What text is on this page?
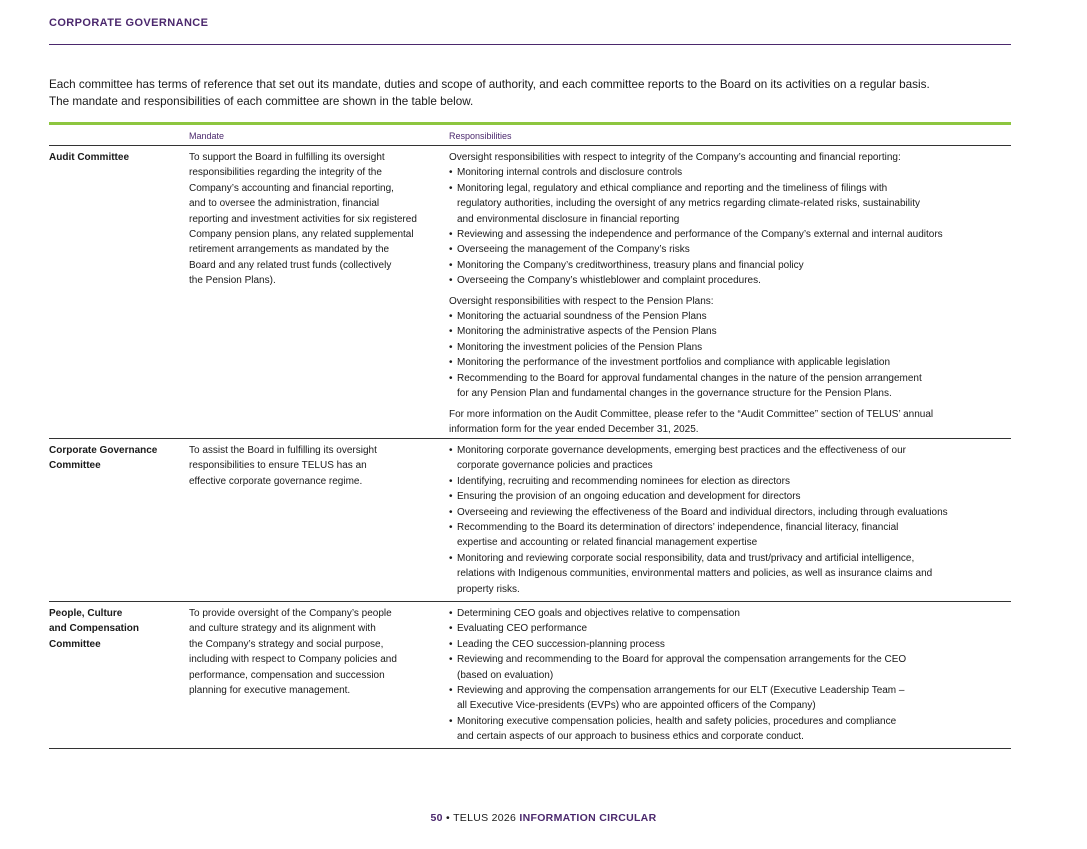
CORPORATE GOVERNANCE

Each committee has terms of reference that set out its mandate, duties and scope of authority, and each committee reports to the Board on its activities on a regular basis.

The mandate and responsibilities of each committee are shown in the table below.

Mandate	Responsibilities
Audit Committee	To support the Board in fulfilling its oversight
responsibilities regarding the integrity of the
Company’s accounting and financial reporting,
and to oversee the administration, financial
reporting and investment activities for six registered
Company pension plans, any related supplemental
retirement arrangements as mandated by the
Board and any related trust funds (collectively
the Pension Plans).
Oversight responsibilities with respect to integrity of the Company’s accounting and financial reporting:
• Monitoring internal controls and disclosure controls
• Monitoring legal, regulatory and ethical compliance and reporting and the timeliness of filings with
regulatory authorities, including the oversight of any metrics regarding climate-related risks, sustainability
and environmental disclosure in financial reporting
• Reviewing and assessing the independence and performance of the Company’s external and internal auditors
• Overseeing the management of the Company’s risks
• Monitoring the Company’s creditworthiness, treasury plans and financial policy
• Overseeing the Company’s whistleblower and complaint procedures.
Oversight responsibilities with respect to the Pension Plans:
• Monitoring the actuarial soundness of the Pension Plans
• Monitoring the administrative aspects of the Pension Plans
• Monitoring the investment policies of the Pension Plans
• Monitoring the performance of the investment portfolios and compliance with applicable legislation
• Recommending to the Board for approval fundamental changes in the nature of the pension arrangement
for any Pension Plan and fundamental changes in the governance structure for the Pension Plans.
For more information on the Audit Committee, please refer to the “Audit Committee” section of TELUS’ annual
information form for the year ended December 31, 2025.
Corporate Governance
Committee
To assist the Board in fulfilling its oversight
responsibilities to ensure TELUS has an
effective corporate governance regime.
• Monitoring corporate governance developments, emerging best practices and the effectiveness of our
corporate governance policies and practices
• Identifying, recruiting and recommending nominees for election as directors
• Ensuring the provision of an ongoing education and development for directors
• Overseeing and reviewing the effectiveness of the Board and individual directors, including through evaluations
• Recommending to the Board its determination of directors’ independence, financial literacy, financial
expertise and accounting or related financial management expertise
• Monitoring and reviewing corporate social responsibility, data and trust/privacy and artificial intelligence,
relations with Indigenous communities, environmental matters and policies, as well as insurance claims and
property risks.
People, Culture
and Compensation
Committee
To provide oversight of the Company’s people
and culture strategy and its alignment with
the Company’s strategy and social purpose,
including with respect to Company policies and
performance, compensation and succession
planning for executive management.
• Determining CEO goals and objectives relative to compensation
• Evaluating CEO performance
• Leading the CEO succession-planning process
• Reviewing and recommending to the Board for approval the compensation arrangements for the CEO
(based on evaluation)
• Reviewing and approving the compensation arrangements for our ELT (Executive Leadership Team –
all Executive Vice-presidents (EVPs) who are appointed officers of the Company)
• Monitoring executive compensation policies, health and safety policies, procedures and compliance
and certain aspects of our approach to business ethics and corporate conduct.
50 • TELUS 2026 INFORMATION CIRCULAR
